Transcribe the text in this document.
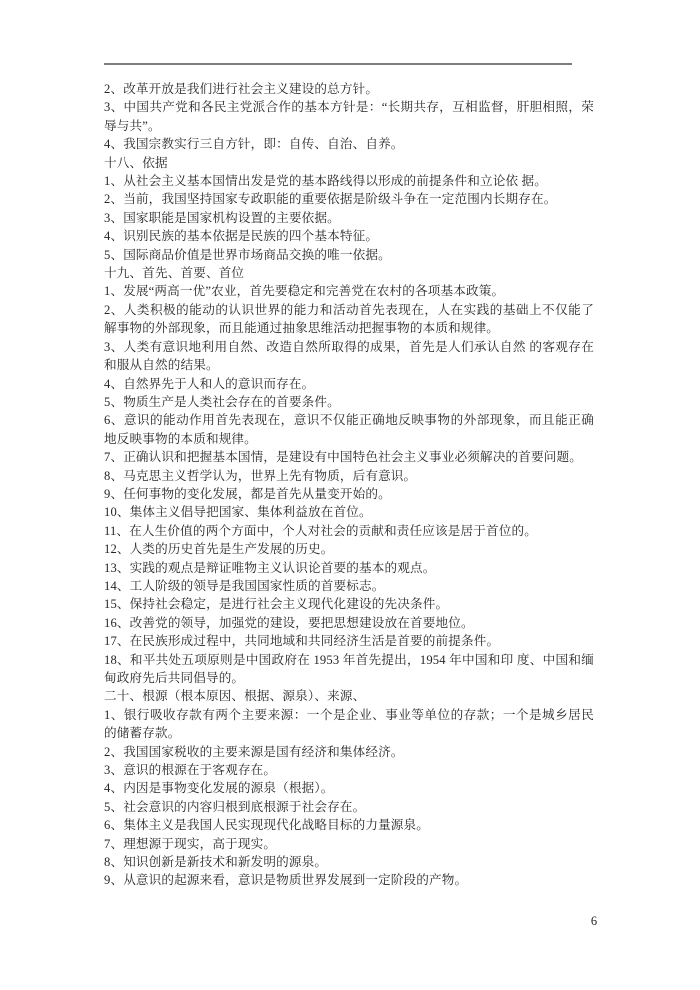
2、改革开放是我们进行社会主义建设的总方针。

3、中国共产党和各民主党派合作的基本方针是：“长期共存，互相监督，肝胆相照，荣辱与共”。

4、我国宗教实行三自方针，即：自传、自治、自养。

十八、依据

1、从社会主义基本国情出发是党的基本路线得以形成的前提条件和立论依 据。

2、当前，我国坚持国家专政职能的重要依据是阶级斗争在一定范围内长期存在。

3、国家职能是国家机构设置的主要依据。

4、识别民族的基本依据是民族的四个基本特征。

5、国际商品价值是世界市场商品交换的唯一依据。

十九、首先、首要、首位

1、发展“两高一优”农业，首先要稳定和完善党在农村的各项基本政策。

2、人类积极的能动的认识世界的能力和活动首先表现在，人在实践的基础上不仅能了解事物的外部现象，而且能通过抽象思维活动把握事物的本质和规律。

3、人类有意识地利用自然、改造自然所取得的成果，首先是人们承认自然 的客观存在和服从自然的结果。

4、自然界先于人和人的意识而存在。

5、物质生产是人类社会存在的首要条件。

6、意识的能动作用首先表现在，意识不仅能正确地反映事物的外部现象，而且能正确地反映事物的本质和规律。

7、正确认识和把握基本国情，是建设有中国特色社会主义事业必须解决的首要问题。

8、马克思主义哲学认为，世界上先有物质，后有意识。

9、任何事物的变化发展，都是首先从量变开始的。

10、集体主义倡导把国家、集体利益放在首位。

11、在人生价值的两个方面中，个人对社会的贡献和责任应该是居于首位的。

12、人类的历史首先是生产发展的历史。

13、实践的观点是辩证唯物主义认识论首要的基本的观点。

14、工人阶级的领导是我国国家性质的首要标志。

15、保持社会稳定，是进行社会主义现代化建设的先决条件。

16、改善党的领导，加强党的建设，要把思想建设放在首要地位。

17、在民族形成过程中，共同地域和共同经济生活是首要的前提条件。

18、和平共处五项原则是中国政府在 1953 年首先提出，1954 年中国和印 度、中国和缅甸政府先后共同倡导的。

二十、根源（根本原因、根据、源泉）、来源、

1、银行吸收存款有两个主要来源：一个是企业、事业等单位的存款；一个是城乡居民的储蓄存款。

2、我国国家税收的主要来源是国有经济和集体经济。

3、意识的根源在于客观存在。

4、内因是事物变化发展的源泉（根据）。

5、社会意识的内容归根到底根源于社会存在。

6、集体主义是我国人民实现现代化战略目标的力量源泉。

7、理想源于现实，高于现实。

8、知识创新是新技术和新发明的源泉。

9、从意识的起源来看，意识是物质世界发展到一定阶段的产物。

6
